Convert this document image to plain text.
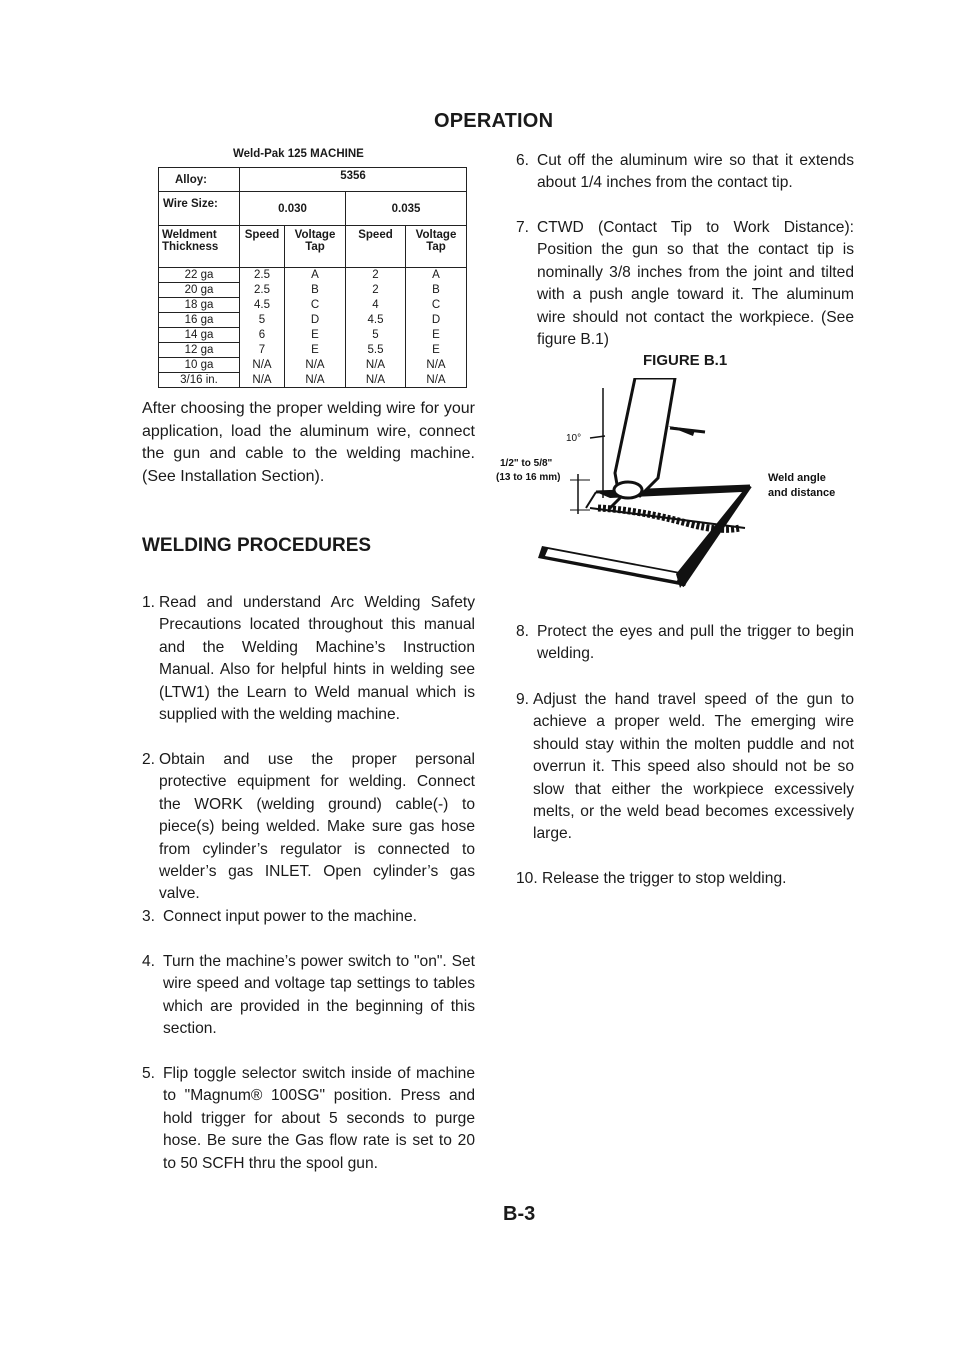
OPERATION
Weld-Pak 125 MACHINE
Alloy:	5356			
Wire Size:	0.030		0.035	
Weldment Thickness	Speed	Voltage Tap	Speed	Voltage Tap
22 ga	2.5	A	2	A
20 ga	2.5	B	2	B
18 ga	4.5	C	4	C
16 ga	5	D	4.5	D
14 ga	6	E	5	E
12 ga	7	E	5.5	E
10 ga	N/A	N/A	N/A	N/A
3/16 in.	N/A	N/A	N/A	N/A
After choosing the proper welding wire for your application, load the aluminum wire, connect the gun and cable to the welding machine. (See Installation Section).
WELDING PROCEDURES
1. Read and understand Arc Welding Safety Precautions located throughout this manual and the Welding Machine’s Instruction Manual. Also for helpful hints in welding see (LTW1) the Learn to Weld manual which is supplied with the welding machine.
2. Obtain and use the proper personal protective equipment for welding. Connect the WORK (welding ground) cable(-) to piece(s) being welded. Make sure gas hose from cylinder’s regulator is connected to welder’s gas INLET. Open cylinder’s gas valve.
3. Connect input power to the machine.
4. Turn the machine’s power switch to "on". Set wire speed and voltage tap settings to tables which are provided in the beginning of this section.
5. Flip toggle selector switch inside of machine to "Magnum® 100SG" position. Press and hold trigger for about 5 seconds to purge hose. Be sure the Gas flow rate is set to 20 to 50 SCFH thru the spool gun.
6. Cut off the aluminum wire so that it extends about 1/4 inches from the contact tip.
7. CTWD (Contact Tip to Work Distance): Position the gun so that the contact tip is nominally 3/8 inches from the joint and tilted with a push angle toward it. The aluminum wire should not contact the workpiece. (See figure B.1)
FIGURE B.1
10°
1/2" to 5/8"
(13 to 16 mm)	Weld angle
and distance
8. Protect the eyes and pull the trigger to begin welding.
9. Adjust the hand travel speed of the gun to achieve a proper weld. The emerging wire should stay within the molten puddle and not overrun it. This speed also should not be so slow that either the workpiece excessively melts, or the weld bead becomes excessively large.
10. Release the trigger to stop welding.
B-3
